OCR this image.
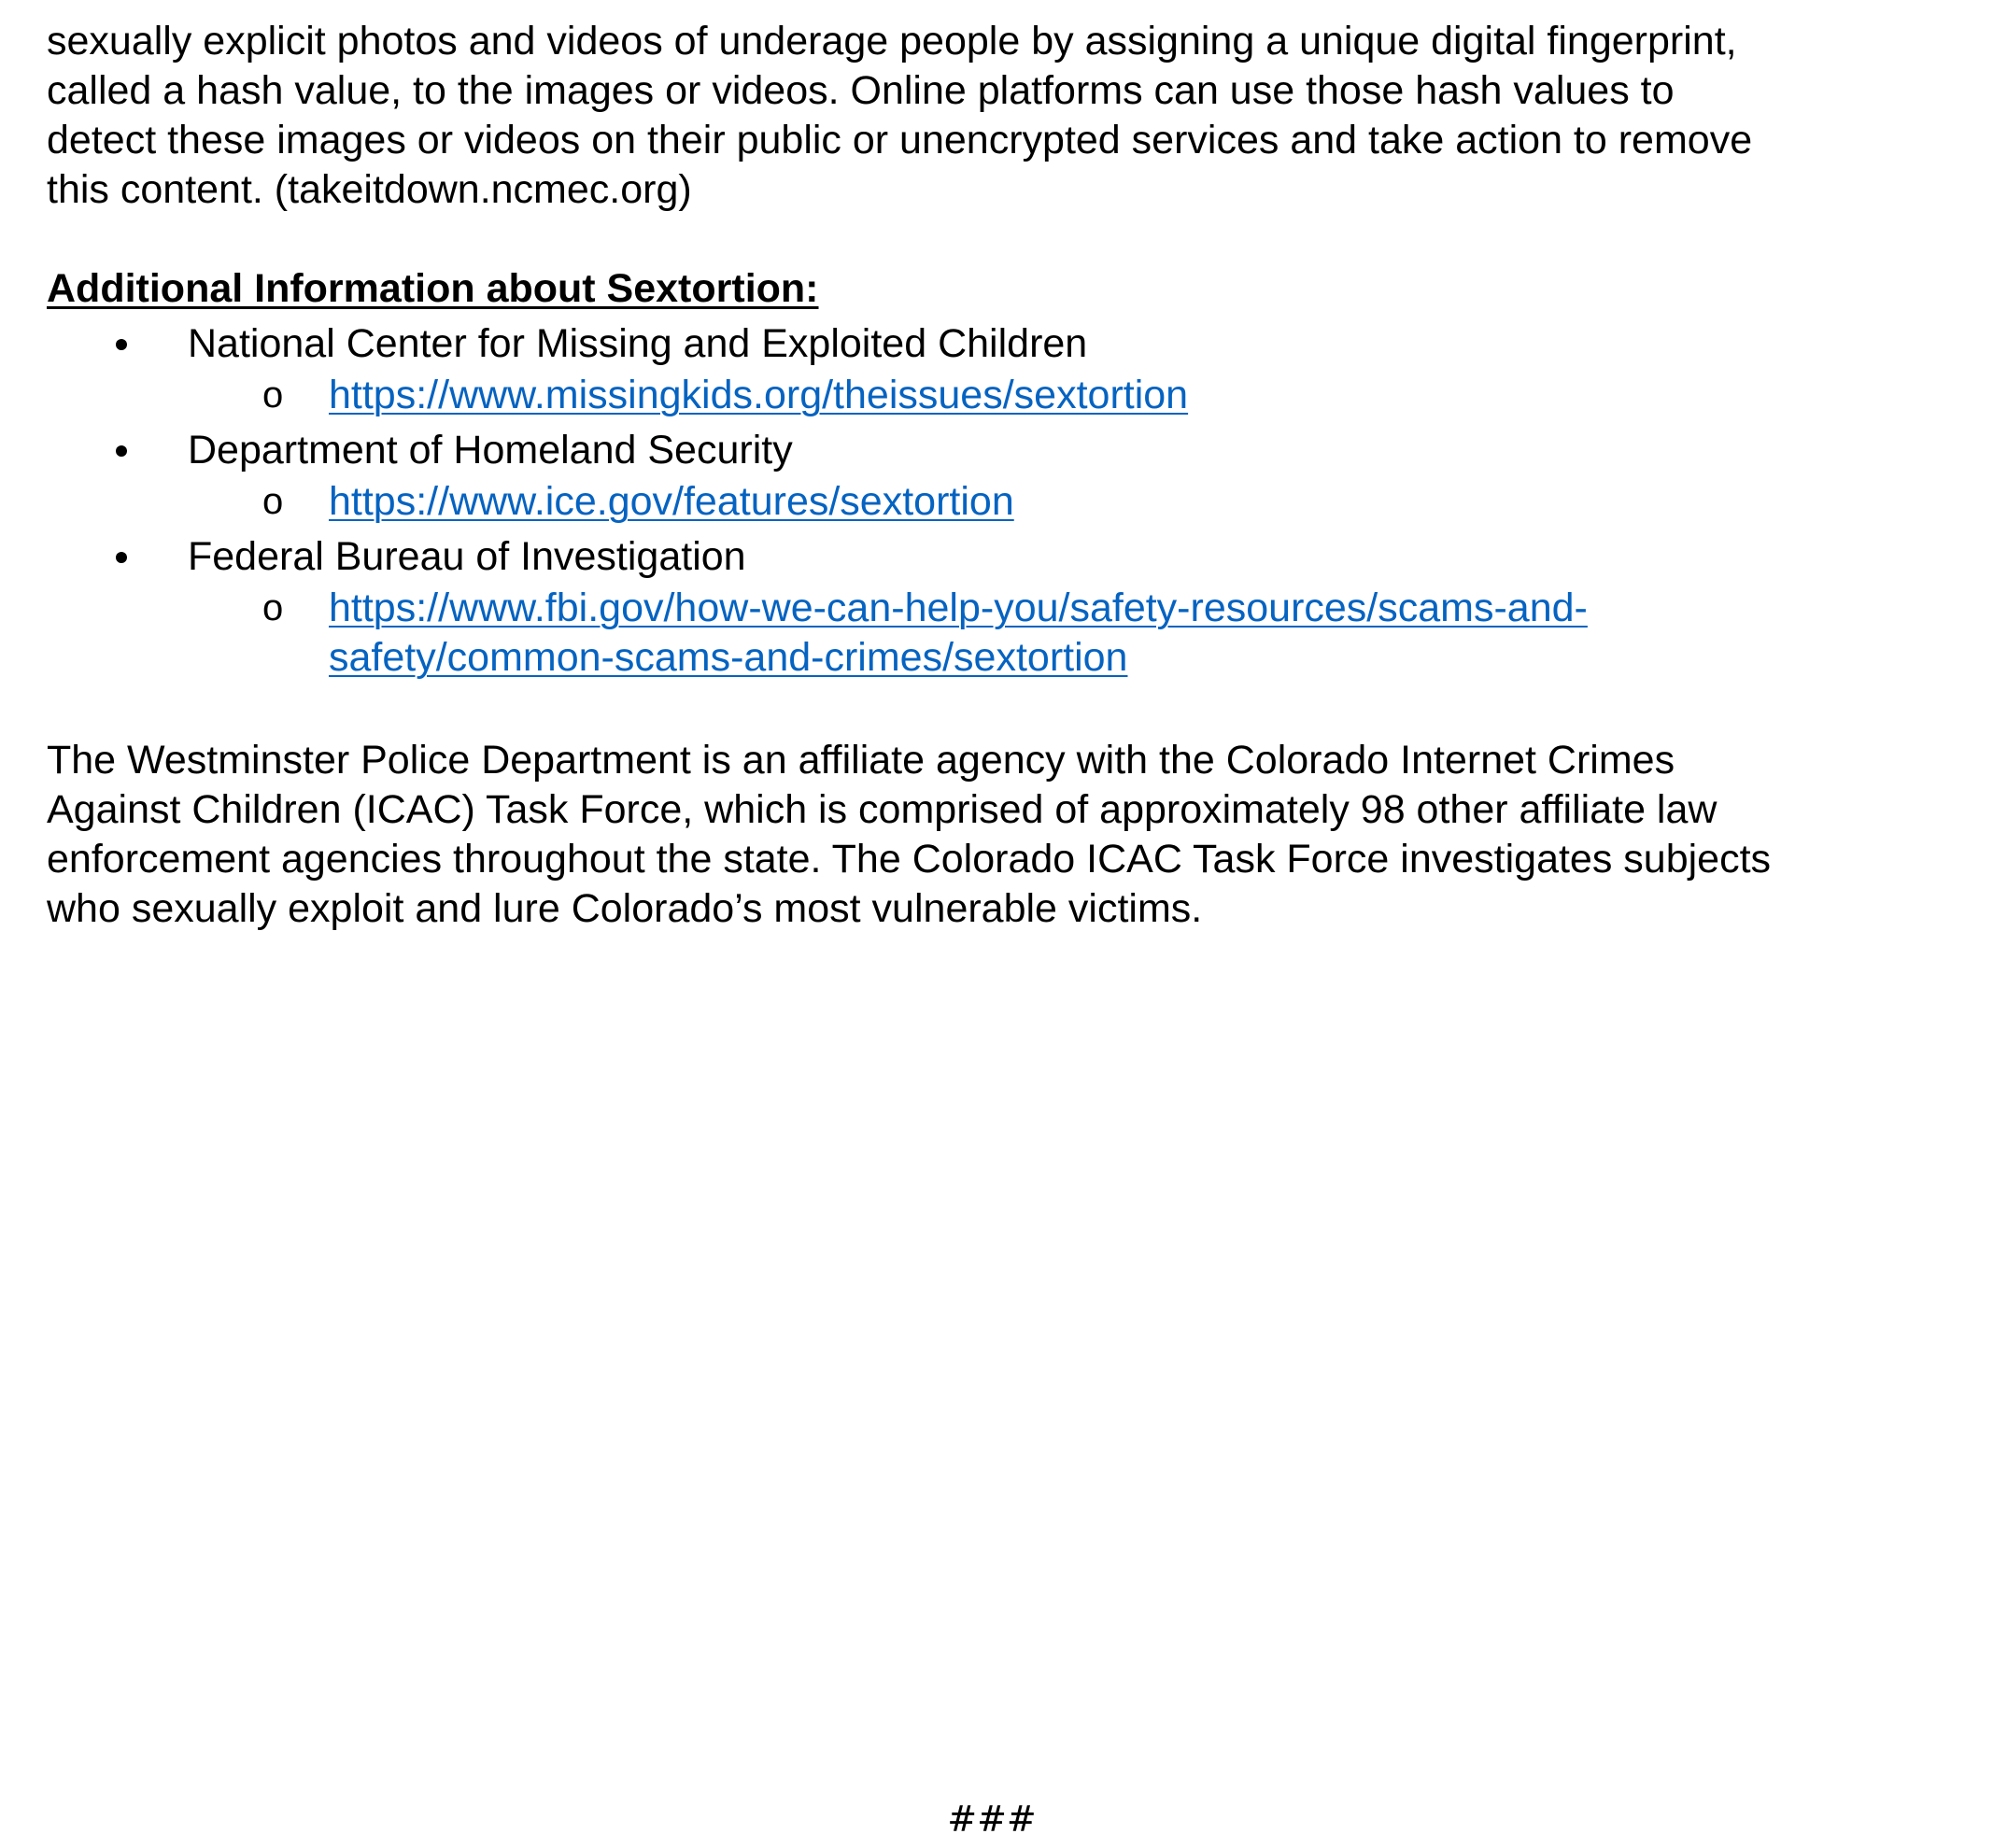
sexually explicit photos and videos of underage people by assigning a unique digital fingerprint,
called a hash value, to the images or videos. Online platforms can use those hash values to
detect these images or videos on their public or unencrypted services and take action to remove
this content. (takeitdown.ncmec.org)

Additional Information about Sextortion:

National Center for Missing and Exploited Children
o https://www.missingkids.org/theissues/sextortion
Department of Homeland Security
o https://www.ice.gov/features/sextortion
Federal Bureau of Investigation
o https://www.fbi.gov/how-we-can-help-you/safety-resources/scams-and-
safety/common-scams-and-crimes/sextortion

The Westminster Police Department is an affiliate agency with the Colorado Internet Crimes
Against Children (ICAC) Task Force, which is comprised of approximately 98 other affiliate law
enforcement agencies throughout the state. The Colorado ICAC Task Force investigates subjects
who sexually exploit and lure Colorado’s most vulnerable victims.

###
